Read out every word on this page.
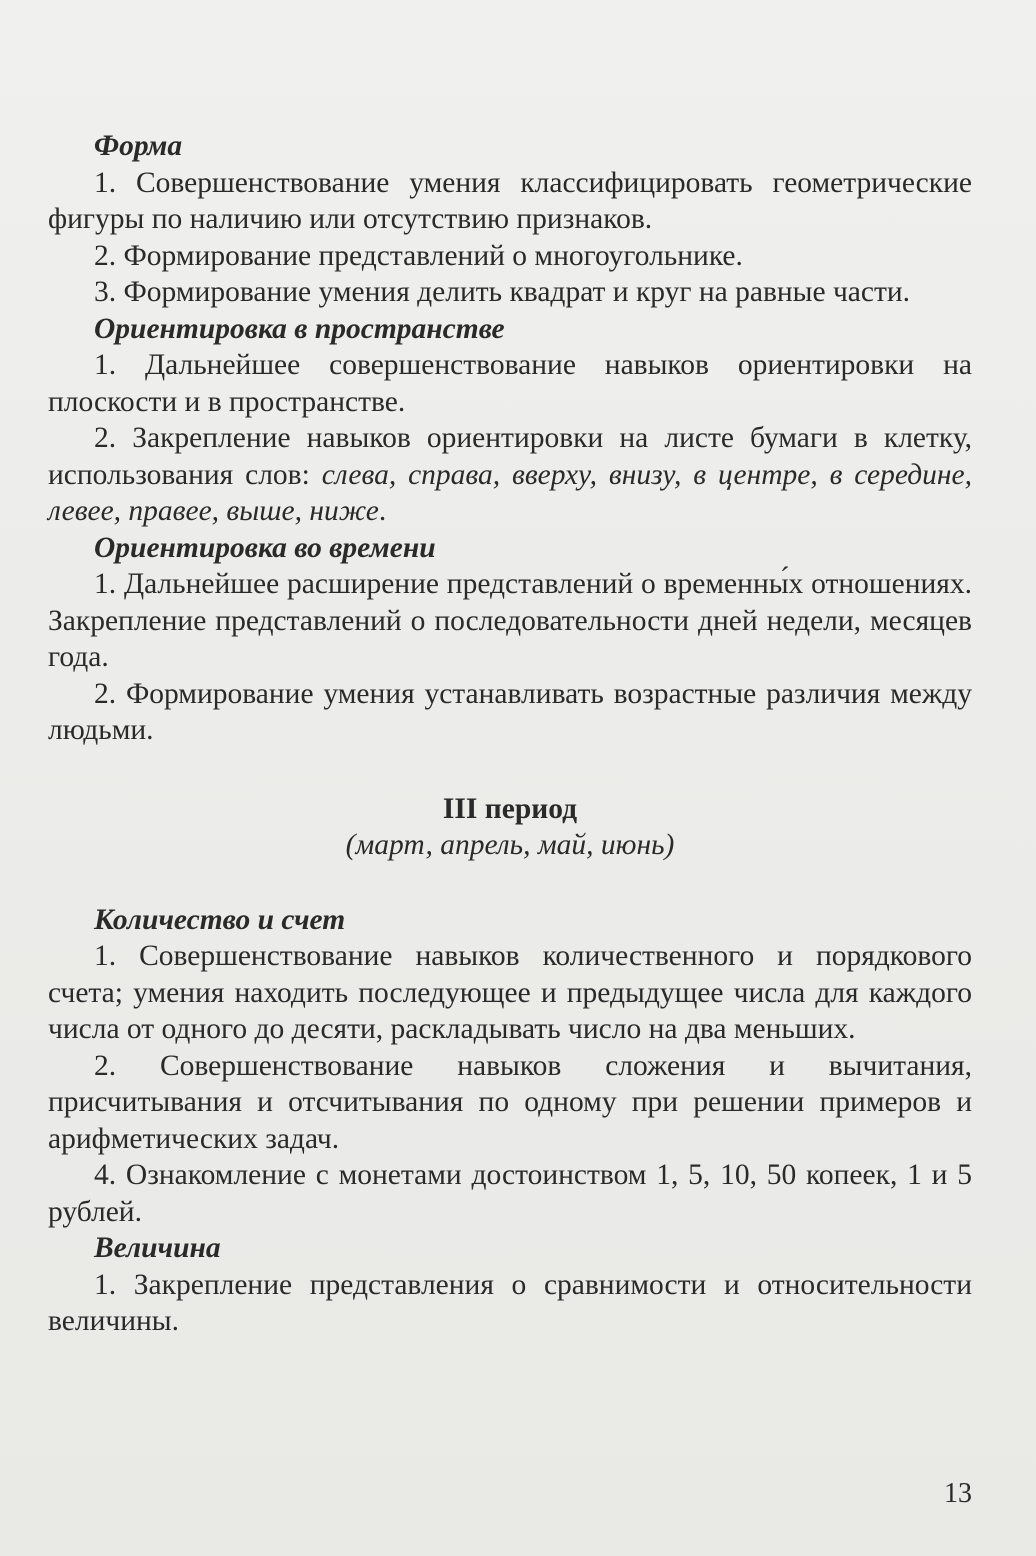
Форма

1. Совершенствование умения классифицировать геометрические фигуры по наличию или отсутствию признаков.

2. Формирование представлений о многоугольнике.

3. Формирование умения делить квадрат и круг на равные части.

Ориентировка в пространстве

1. Дальнейшее совершенствование навыков ориентировки на плоскости и в пространстве.

2. Закрепление навыков ориентировки на листе бумаги в клетку, использования слов: слева, справа, вверху, внизу, в центре, в середине, левее, правее, выше, ниже.

Ориентировка во времени

1. Дальнейшее расширение представлений о временны́х отношениях. Закрепление представлений о последовательности дней недели, месяцев года.

2. Формирование умения устанавливать возрастные различия между людьми.

III период

(март, апрель, май, июнь)

Количество и счет

1. Совершенствование навыков количественного и порядкового счета; умения находить последующее и предыдущее числа для каждого числа от одного до десяти, раскладывать число на два меньших.

2. Совершенствование навыков сложения и вычитания, присчитывания и отсчитывания по одному при решении примеров и арифметических задач.

4. Ознакомление с монетами достоинством 1, 5, 10, 50 копеек, 1 и 5 рублей.

Величина

1. Закрепление представления о сравнимости и относительности величины.

13
